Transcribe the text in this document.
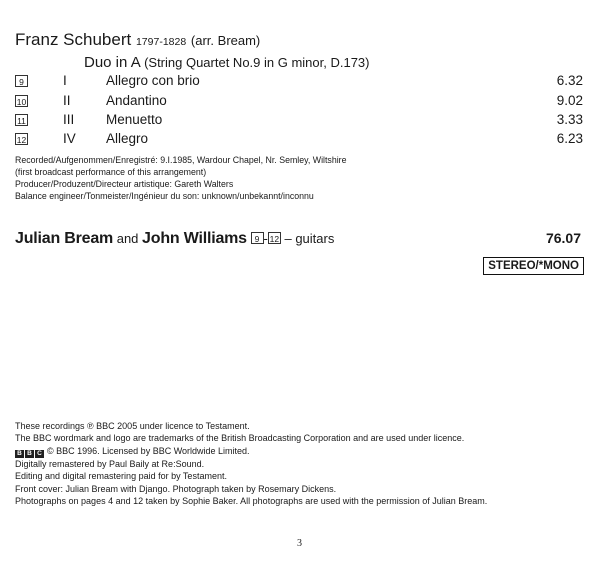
Franz Schubert 1797-1828 (arr. Bream)
Duo in A (String Quartet No.9 in G minor, D.173)
9	I	Allegro con brio	6.32
10	II	Andantino	9.02
11	III Menuetto	3.33
12	IV Allegro	6.23
Recorded/Aufgenommen/Enregistré: 9.I.1985, Wardour Chapel, Nr. Semley, Wiltshire
(first broadcast performance of this arrangement)
Producer/Produzent/Directeur artistique: Gareth Walters
Balance engineer/Tonmeister/Ingénieur du son: unknown/unbekannt/inconnu
Julian Bream and John Williams 9 - 12 – guitars	76.07
STEREO/*MONO
These recordings ℗ BBC 2005 under licence to Testament.
The BBC wordmark and logo are trademarks of the British Broadcasting Corporation and are used under licence.
B B C © BBC 1996. Licensed by BBC Worldwide Limited.
Digitally remastered by Paul Baily at Re:Sound.
Editing and digital remastering paid for by Testament.
Front cover: Julian Bream with Django. Photograph taken by Rosemary Dickens.
Photographs on pages 4 and 12 taken by Sophie Baker. All photographs are used with the permission of Julian Bream.
3
